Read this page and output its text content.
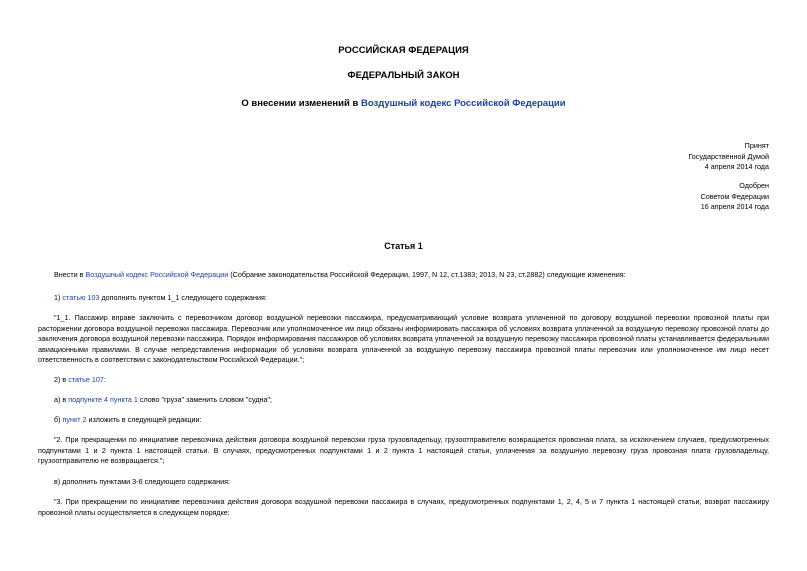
РОССИЙСКАЯ ФЕДЕРАЦИЯ
ФЕДЕРАЛЬНЫЙ ЗАКОН
О внесении изменений в Воздушный кодекс Российской Федерации
Принят
Государственной Думой
4 апреля 2014 года
Одобрен
Советом Федерации
16 апреля 2014 года
Статья 1
Внести в Воздушный кодекс Российской Федерации (Собрание законодательства Российской Федерации, 1997, N 12, ст.1383; 2013, N 23, ст.2882) следующие изменения:
1) статью 103 дополнить пунктом 1_1 следующего содержания:
"1_1. Пассажир вправе заключить с перевозчиком договор воздушной перевозки пассажира, предусматривающий условие возврата уплаченной по договору воздушной перевозки провозной платы при расторжении договора воздушной перевозки пассажира. Перевозчик или уполномоченное им лицо обязаны информировать пассажира об условиях возврата уплаченной за воздушную перевозку провозной платы до заключения договора воздушной перевозки пассажира. Порядок информирования пассажиров об условиях возврата уплаченной за воздушную перевозку пассажира провозной платы устанавливается федеральными авиационными правилами. В случае непредставления информации об условиях возврата уплаченной за воздушную перевозку пассажира провозной платы перевозчик или уполномоченное им лицо несет ответственность в соответствии с законодательством Российской Федерации.";
2) в статье 107:
а) в подпункте 4 пункта 1 слово "груза" заменить словом "судна";
б) пункт 2 изложить в следующей редакции:
"2. При прекращении по инициативе перевозчика действия договора воздушной перевозки груза грузовладельцу, грузоотправителю возвращается провозная плата, за исключением случаев, предусмотренных подпунктами 1 и 2 пункта 1 настоящей статьи. В случаях, предусмотренных подпунктами 1 и 2 пункта 1 настоящей статьи, уплаченная за воздушную перевозку груза провозная плата грузовладельцу, грузоотправителю не возвращается.";
в) дополнить пунктами 3-6 следующего содержания:
"3. При прекращении по инициативе перевозчика действия договора воздушной перевозки пассажира в случаях, предусмотренных подпунктами 1, 2, 4, 5 и 7 пункта 1 настоящей статьи, возврат пассажиру провозной платы осуществляется в следующем порядке:
